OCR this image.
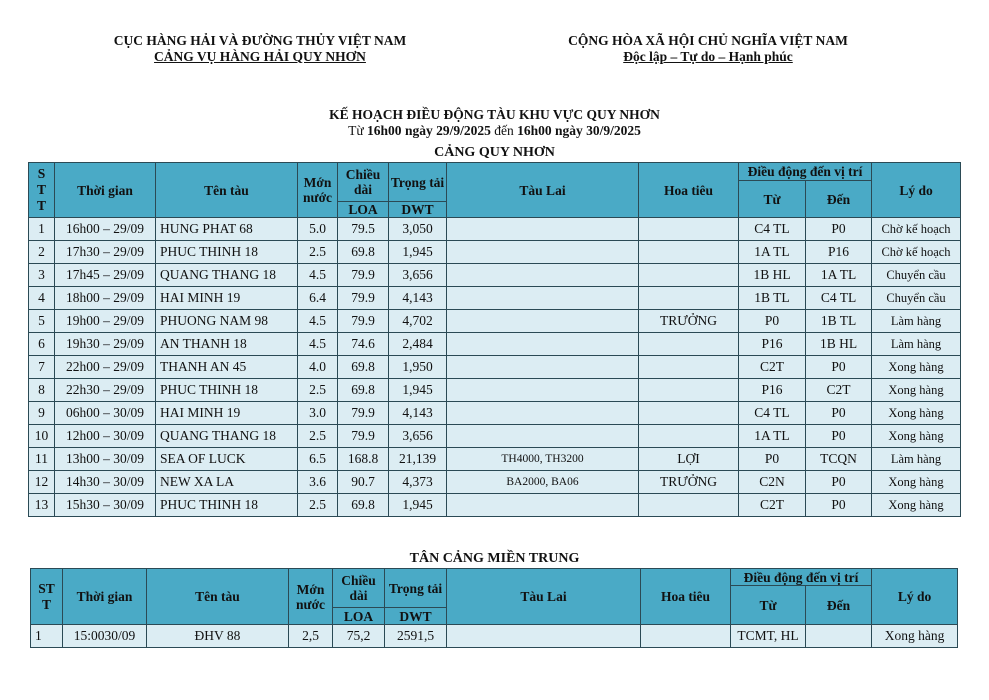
CỤC HÀNG HẢI VÀ ĐƯỜNG THỦY VIỆT NAM
CẢNG VỤ HÀNG HẢI QUY NHƠN
CỘNG HÒA XÃ HỘI CHỦ NGHĨA VIỆT NAM
Độc lập – Tự do – Hạnh phúc
KẾ HOẠCH ĐIỀU ĐỘNG TÀU KHU VỰC QUY NHƠN
Từ 16h00 ngày 29/9/2025 đến 16h00 ngày 30/9/2025
CẢNG QUY NHƠN
S
T
T	Thời gian	Tên tàu	Mớn
nước	Chiều
dài	Trọng tải	Tàu Lai	Hoa tiêu	Điều động đến vị trí		Lý do
								Từ	Đến	
				LOA	DWT					
1	16h00 – 29/09	HUNG PHAT 68	5.0	79.5	3,050			C4 TL	P0	Chờ kế hoạch
2	17h30 – 29/09	PHUC THINH 18	2.5	69.8	1,945			1A TL	P16	Chờ kế hoạch
3	17h45 – 29/09	QUANG THANG 18	4.5	79.9	3,656			1B HL	1A TL	Chuyển cầu
4	18h00 – 29/09	HAI MINH 19	6.4	79.9	4,143			1B TL	C4 TL	Chuyển cầu
5	19h00 – 29/09	PHUONG NAM 98	4.5	79.9	4,702		TRƯỞNG	P0	1B TL	Làm hàng
6	19h30 – 29/09	AN THANH 18	4.5	74.6	2,484			P16	1B HL	Làm hàng
7	22h00 – 29/09	THANH AN 45	4.0	69.8	1,950			C2T	P0	Xong hàng
8	22h30 – 29/09	PHUC THINH 18	2.5	69.8	1,945			P16	C2T	Xong hàng
9	06h00 – 30/09	HAI MINH 19	3.0	79.9	4,143			C4 TL	P0	Xong hàng
10	12h00 – 30/09	QUANG THANG 18	2.5	79.9	3,656			1A TL	P0	Xong hàng
11	13h00 – 30/09	SEA OF LUCK	6.5	168.8	21,139	TH4000, TH3200	LỢI	P0	TCQN	Làm hàng
12	14h30 – 30/09	NEW XA LA	3.6	90.7	4,373	BA2000, BA06	TRƯỞNG	C2N	P0	Xong hàng
13	15h30 – 30/09	PHUC THINH 18	2.5	69.8	1,945			C2T	P0	Xong hàng
TÂN CẢNG MIỀN TRUNG
ST
T	Thời gian	Tên tàu	Mớn
nước	Chiều
dài	Trọng tải	Tàu Lai	Hoa tiêu	Điều động đến vị trí		Lý do
								Từ	Đến	
				LOA	DWT					
1	15:0030/09	ĐHV 88	2,5	75,2	2591,5			TCMT, HL		Xong hàng
